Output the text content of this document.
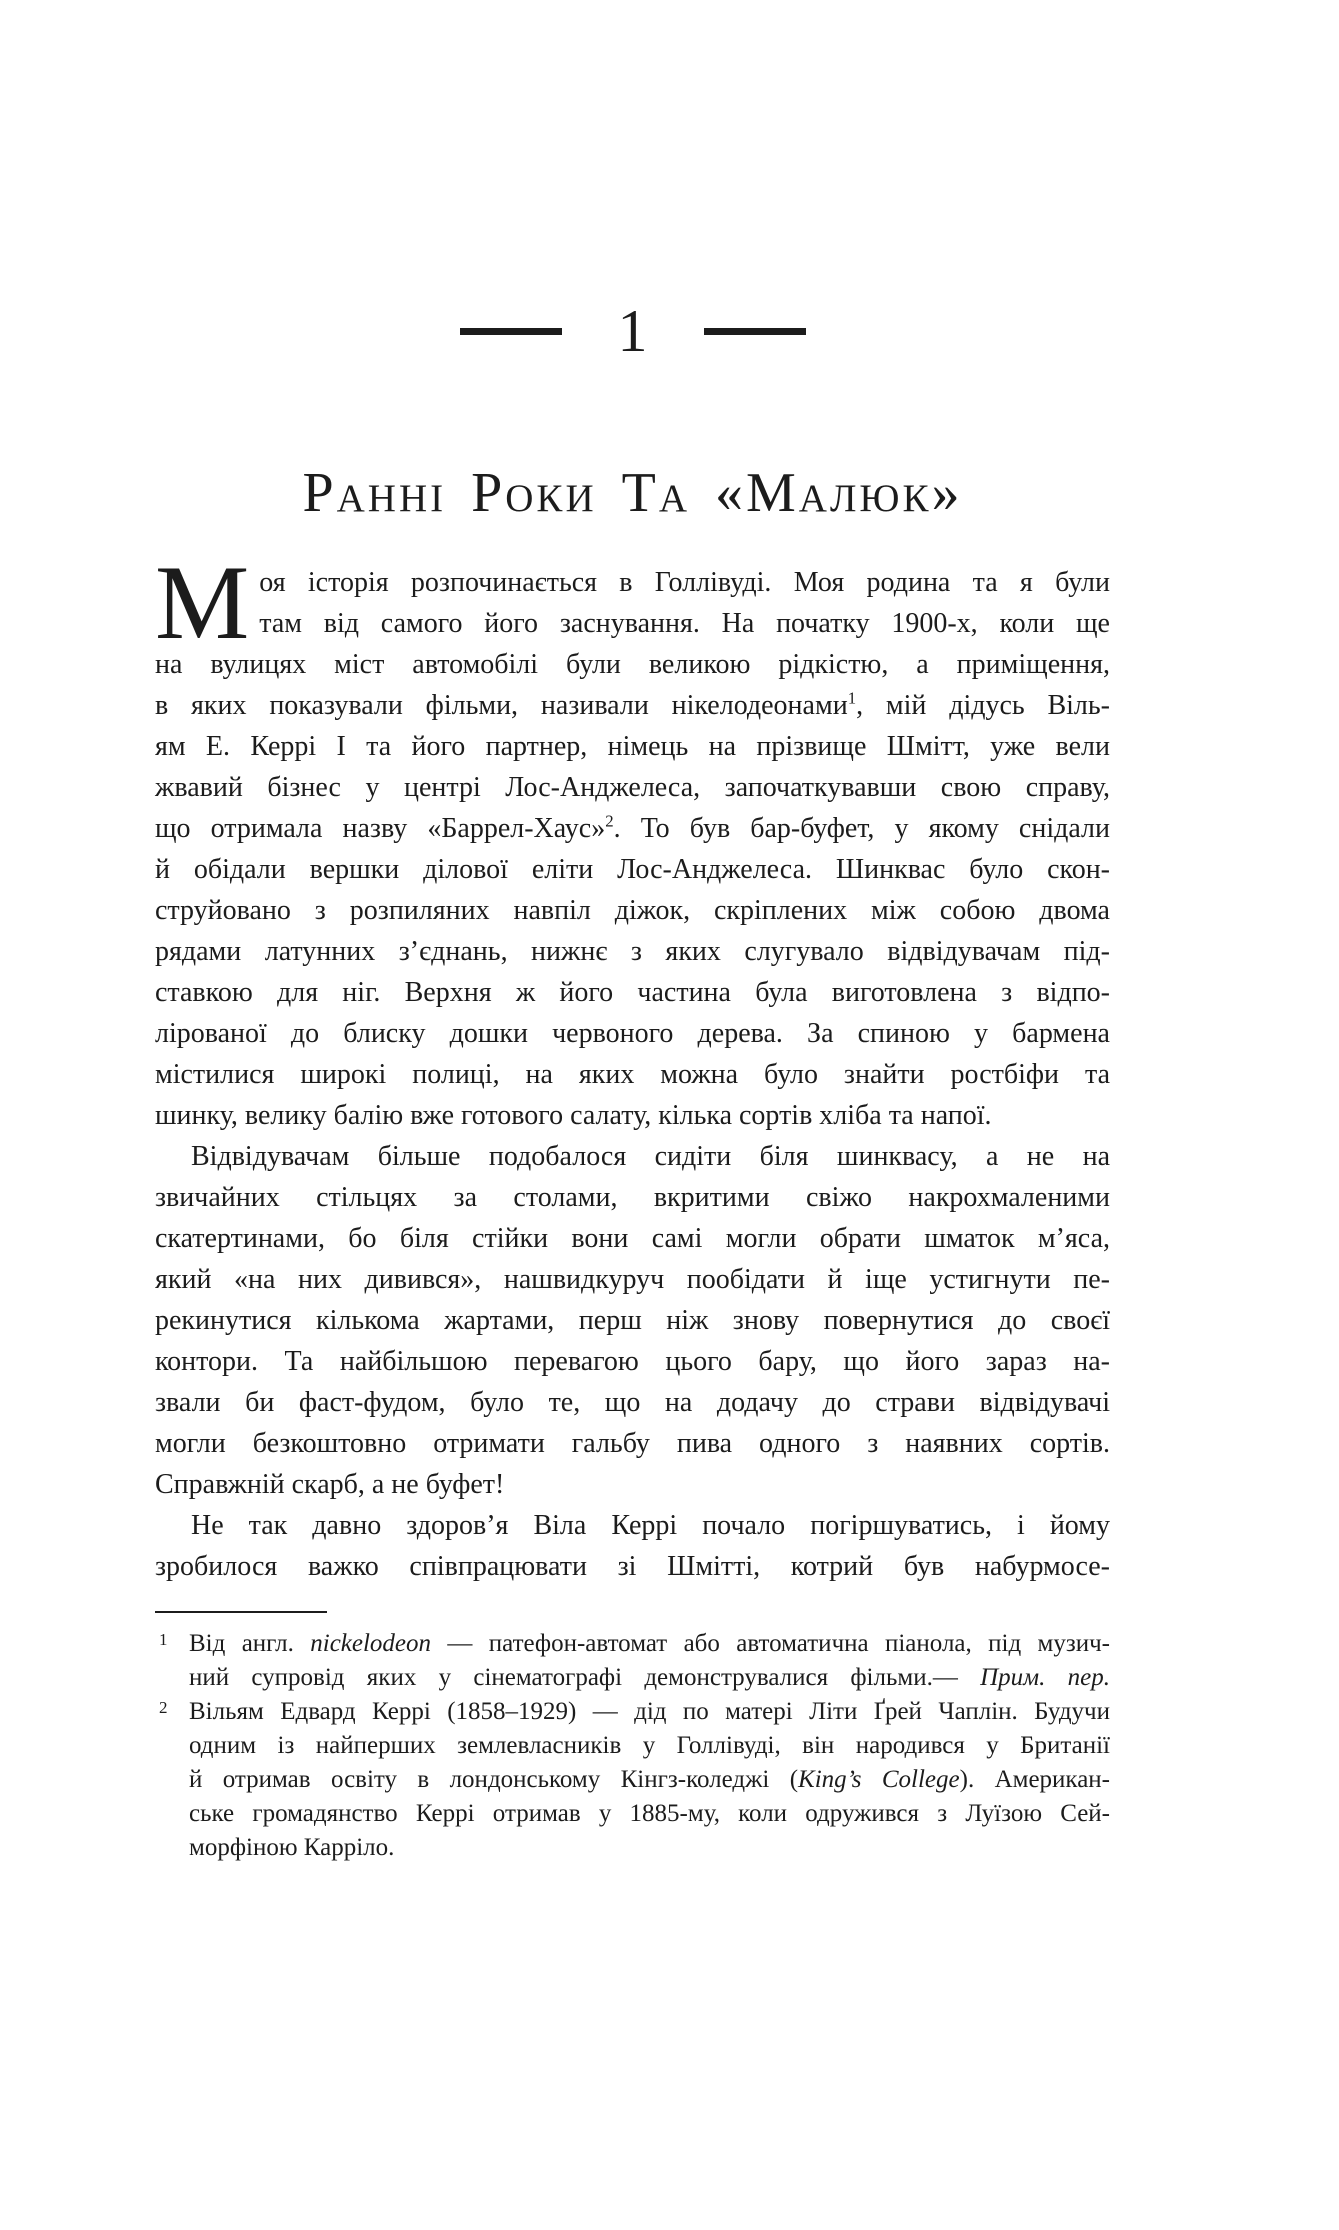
1
Ранні Роки Та «Малюк»
М оя історія розпочинається в Голлівуді. Моя родина та я були
там від самого його заснування. На початку 1900-х, коли ще
на вулицях міст автомобілі були великою рідкістю, а приміщення,
в яких показували фільми, називали нікелодеонами$^1$, мій дідусь Віль-
ям Е. Керрі І та його партнер, німець на прізвище Шмітт, уже вели
жвавий бізнес у центрі Лос-Анджелеса, започаткувавши свою справу,
що отримала назву «Баррел-Хаус»$^2$. То був бар-буфет, у якому снідали
й обідали вершки ділової еліти Лос-Анджелеса. Шинквас було скон-
струйовано з розпиляних навпіл діжок, скріплених між собою двома
рядами латунних з’єднань, нижнє з яких слугувало відвідувачам під-
ставкою для ніг. Верхня ж його частина була виготовлена з відпо-
лірованої до блиску дошки червоного дерева. За спиною у бармена
містилися широкі полиці, на яких можна було знайти ростбіфи та
шинку, велику балію вже готового салату, кілька сортів хліба та напої.
Відвідувачам більше подобалося сидіти біля шинквасу, а не на
звичайних стільцях за столами, вкритими свіжо накрохмаленими
скатертинами, бо біля стійки вони самі могли обрати шматок м’яса,
який «на них дивився», нашвидкуруч пообідати й іще устигнути пе-
рекинутися кількома жартами, перш ніж знову повернутися до своєї
контори. Та найбільшою перевагою цього бару, що його зараз на-
звали би фаст-фудом, було те, що на додачу до страви відвідувачі
могли безкоштовно отримати гальбу пива одного з наявних сортів.
Справжній скарб, а не буфет!
Не так давно здоров’я Віла Керрі почало погіршуватись, і йому
зробилося важко співпрацювати зі Шмітті, котрий був набурмосе-
1 Від англ. nickelodeon — патефон-автомат або автоматична піанола, під музич-
ний супровід яких у сінематографі демонструвалися фільми.— Прим. пер.
2 Вільям Едвард Керрі (1858–1929) — дід по матері Літи Ґрей Чаплін. Будучи
одним із найперших землевласників у Голлівуді, він народився у Британії
й отримав освіту в лондонському Кінгз-коледжі (King’s College). Американ-
ське громадянство Керрі отримав у 1885-му, коли одружився з Луїзою Сей-
морфіною Карріло.
